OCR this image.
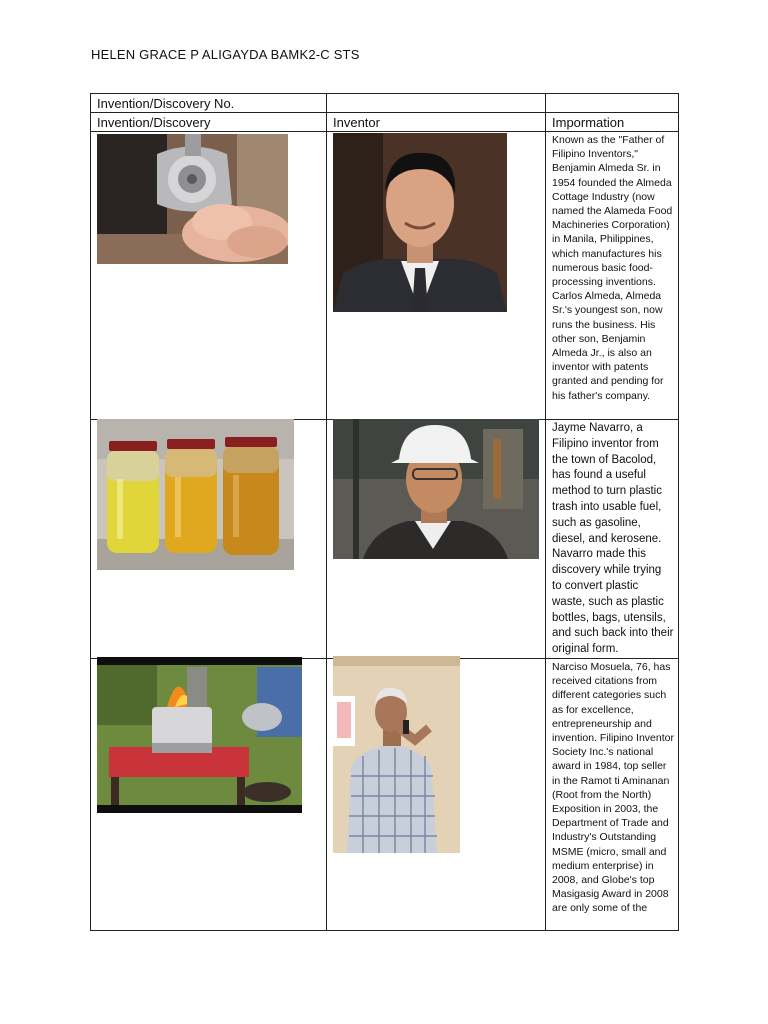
HELEN GRACE P ALIGAYDA BAMK2-C STS
Invention/Discovery No.		
Invention/Discovery	Inventor	Impormation
		Known as the "Father of Filipino Inventors," Benjamin Almeda Sr. in 1954 founded the Almeda Cottage Industry (now named the Alameda Food Machineries Corporation) in Manila, Philippines, which manufactures his numerous basic food-processing inventions. Carlos Almeda, Almeda Sr.'s youngest son, now runs the business. His other son, Benjamin Almeda Jr., is also an inventor with patents granted and pending for his father's company.
		Jayme Navarro, a Filipino inventor from the town of Bacolod, has found a useful method to turn plastic trash into usable fuel, such as gasoline, diesel, and kerosene. Navarro made this discovery while trying to convert plastic waste, such as plastic bottles, bags, utensils, and such back into their original form.
		Narciso Mosuela, 76, has received citations from different categories such as for excellence, entrepreneurship and invention. Filipino Inventor Society Inc.'s national award in 1984, top seller in the Ramot ti Aminanan (Root from the North) Exposition in 2003, the Department of Trade and Industry's Outstanding MSME (micro, small and medium enterprise) in 2008, and Globe's top Masigasig Award in 2008 are only some of the
